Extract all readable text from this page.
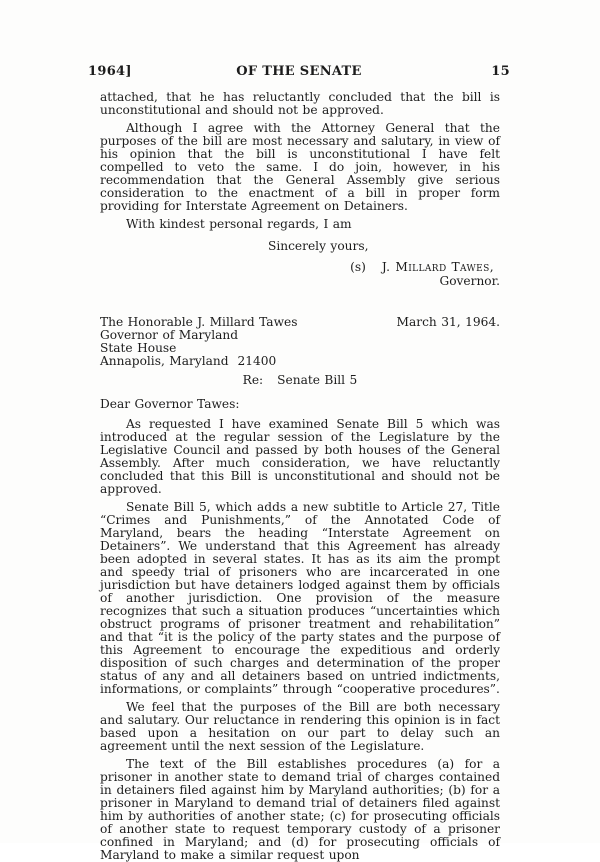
1964]	OF THE SENATE	15

attached, that he has reluctantly concluded that the bill is unconstitutional and should not be approved.

Although I agree with the Attorney General that the purposes of the bill are most necessary and salutary, in view of his opinion that the bill is unconstitutional I have felt compelled to veto the same. I do join, however, in his recommendation that the General Assembly give serious consideration to the enactment of a bill in proper form providing for Interstate Agreement on Detainers.

With kindest personal regards, I am
Sincerely yours,
(s) J. Millard Tawes,
Governor.
The Honorable J. Millard Tawes
Governor of Maryland
State House
Annapolis, Maryland  21400
March 31, 1964.
Re: Senate Bill 5

Dear Governor Tawes:

As requested I have examined Senate Bill 5 which was introduced at the regular session of the Legislature by the Legislative Council and passed by both houses of the General Assembly. After much consideration, we have reluctantly concluded that this Bill is unconstitutional and should not be approved.

Senate Bill 5, which adds a new subtitle to Article 27, Title “Crimes and Punishments,” of the Annotated Code of Maryland, bears the heading “Interstate Agreement on Detainers”. We understand that this Agreement has already been adopted in several states. It has as its aim the prompt and speedy trial of prisoners who are incarcerated in one jurisdiction but have detainers lodged against them by officials of another jurisdiction. One provision of the measure recognizes that such a situation produces “uncertainties which obstruct programs of prisoner treatment and rehabilitation” and that “it is the policy of the party states and the purpose of this Agreement to encourage the expeditious and orderly disposition of such charges and determination of the proper status of any and all detainers based on untried indictments, informations, or complaints” through “cooperative procedures”.

We feel that the purposes of the Bill are both necessary and salutary. Our reluctance in rendering this opinion is in fact based upon a hesitation on our part to delay such an agreement until the next session of the Legislature.

The text of the Bill establishes procedures (a) for a prisoner in another state to demand trial of charges contained in detainers filed against him by Maryland authorities; (b) for a prisoner in Maryland to demand trial of detainers filed against him by authorities of another state; (c) for prosecuting officials of another state to request temporary custody of a prisoner confined in Maryland; and (d) for prosecuting officials of Maryland to make a similar request upon
